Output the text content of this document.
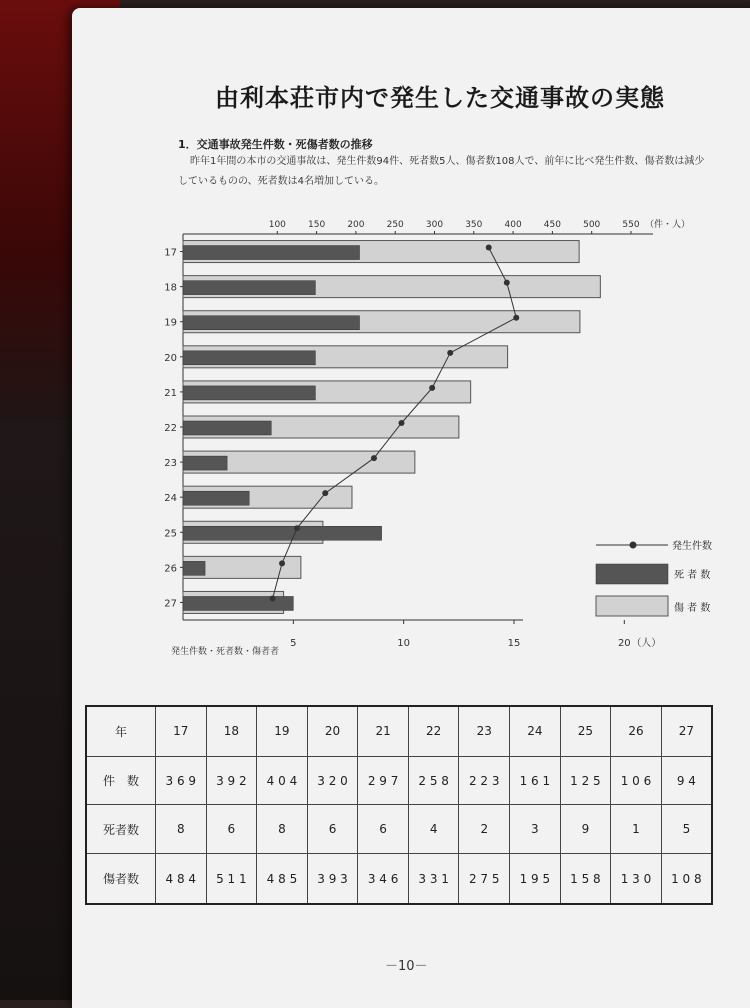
由利本荘市内で発生した交通事故の実態
1．交通事故発生件数・死傷者数の推移
昨年1年間の本市の交通事故は、発生件数94件、死者数5人、傷者数108人で、前年に比べ発生件数、傷者数は減少しているものの、死者数は4名増加している。
100 150 200 250 300 350 400 450 500 550 （件・人）
5	10	15	20 （人）
発生件数・死者数・傷者者
17
18
19
20
21
22
23
24
25
26
27
発生件数
死 者 数
傷 者 数
年	17	18	19	20	21	22	23	24	25	26	27
件　数	3 6 9	3 9 2	4 0 4	3 2 0	2 9 7	2 5 8	2 2 3	1 6 1	1 2 5	1 0 6	9 4
死者数	8	6	8	6	6	4	2	3	9	1	5
傷者数	4 8 4	5 1 1	4 8 5	3 9 3	3 4 6	3 3 1	2 7 5	1 9 5	1 5 8	1 3 0	1 0 8
－10－
